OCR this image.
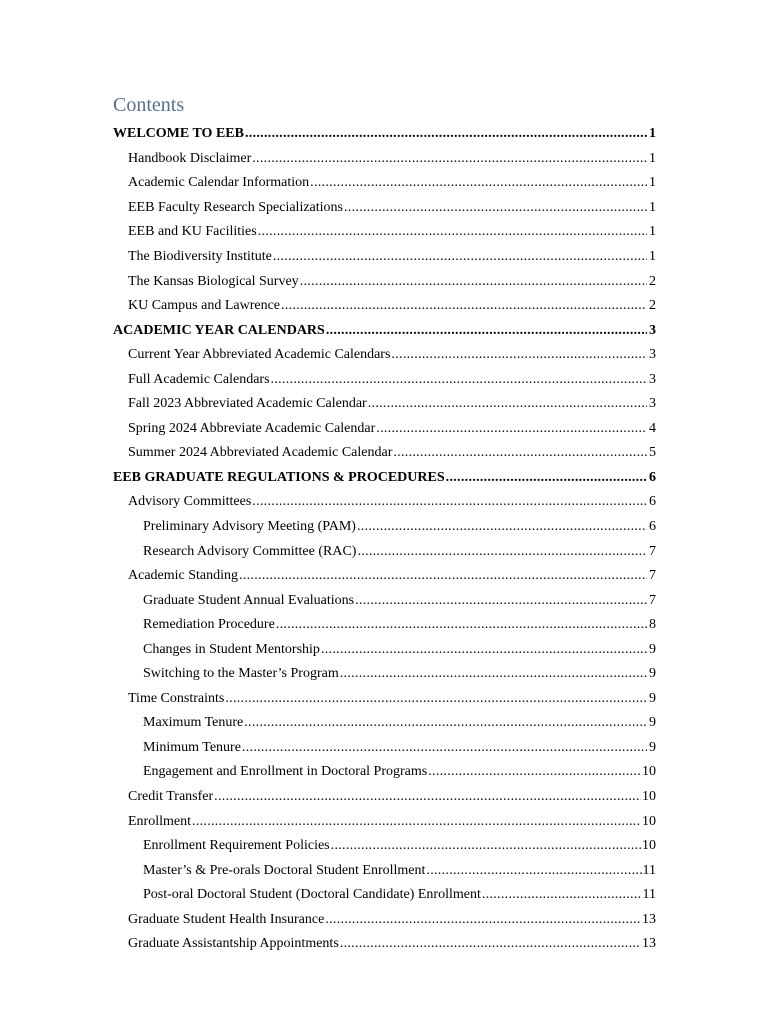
Contents
WELCOME TO EEB . . .	1
Handbook Disclaimer . . .	1
Academic Calendar Information . . .	1
EEB Faculty Research Specializations . . .	1
EEB and KU Facilities . . .	1
The Biodiversity Institute . . .	1
The Kansas Biological Survey . . .	2
KU Campus and Lawrence . . .	2
ACADEMIC YEAR CALENDARS . . .	3
Current Year Abbreviated Academic Calendars . . .	3
Full Academic Calendars . . .	3
Fall 2023 Abbreviated Academic Calendar . . .	3
Spring 2024 Abbreviate Academic Calendar . . .	4
Summer 2024 Abbreviated Academic Calendar . . .	5
EEB GRADUATE REGULATIONS & PROCEDURES . . .	6
Advisory Committees . . .	6
Preliminary Advisory Meeting (PAM) . . .	6
Research Advisory Committee (RAC) . . .	7
Academic Standing . . .	7
Graduate Student Annual Evaluations . . .	7
Remediation Procedure . . .	8
Changes in Student Mentorship . . .	9
Switching to the Master’s Program . . .	9
Time Constraints . . .	9
Maximum Tenure . . .	9
Minimum Tenure . . .	9
Engagement and Enrollment in Doctoral Programs . . .	10
Credit Transfer . . .	10
Enrollment . . .	10
Enrollment Requirement Policies . . .	10
Master’s & Pre-orals Doctoral Student Enrollment . . .	11
Post-oral Doctoral Student (Doctoral Candidate) Enrollment . . .	11
Graduate Student Health Insurance . . .	13
Graduate Assistantship Appointments . . .	13
